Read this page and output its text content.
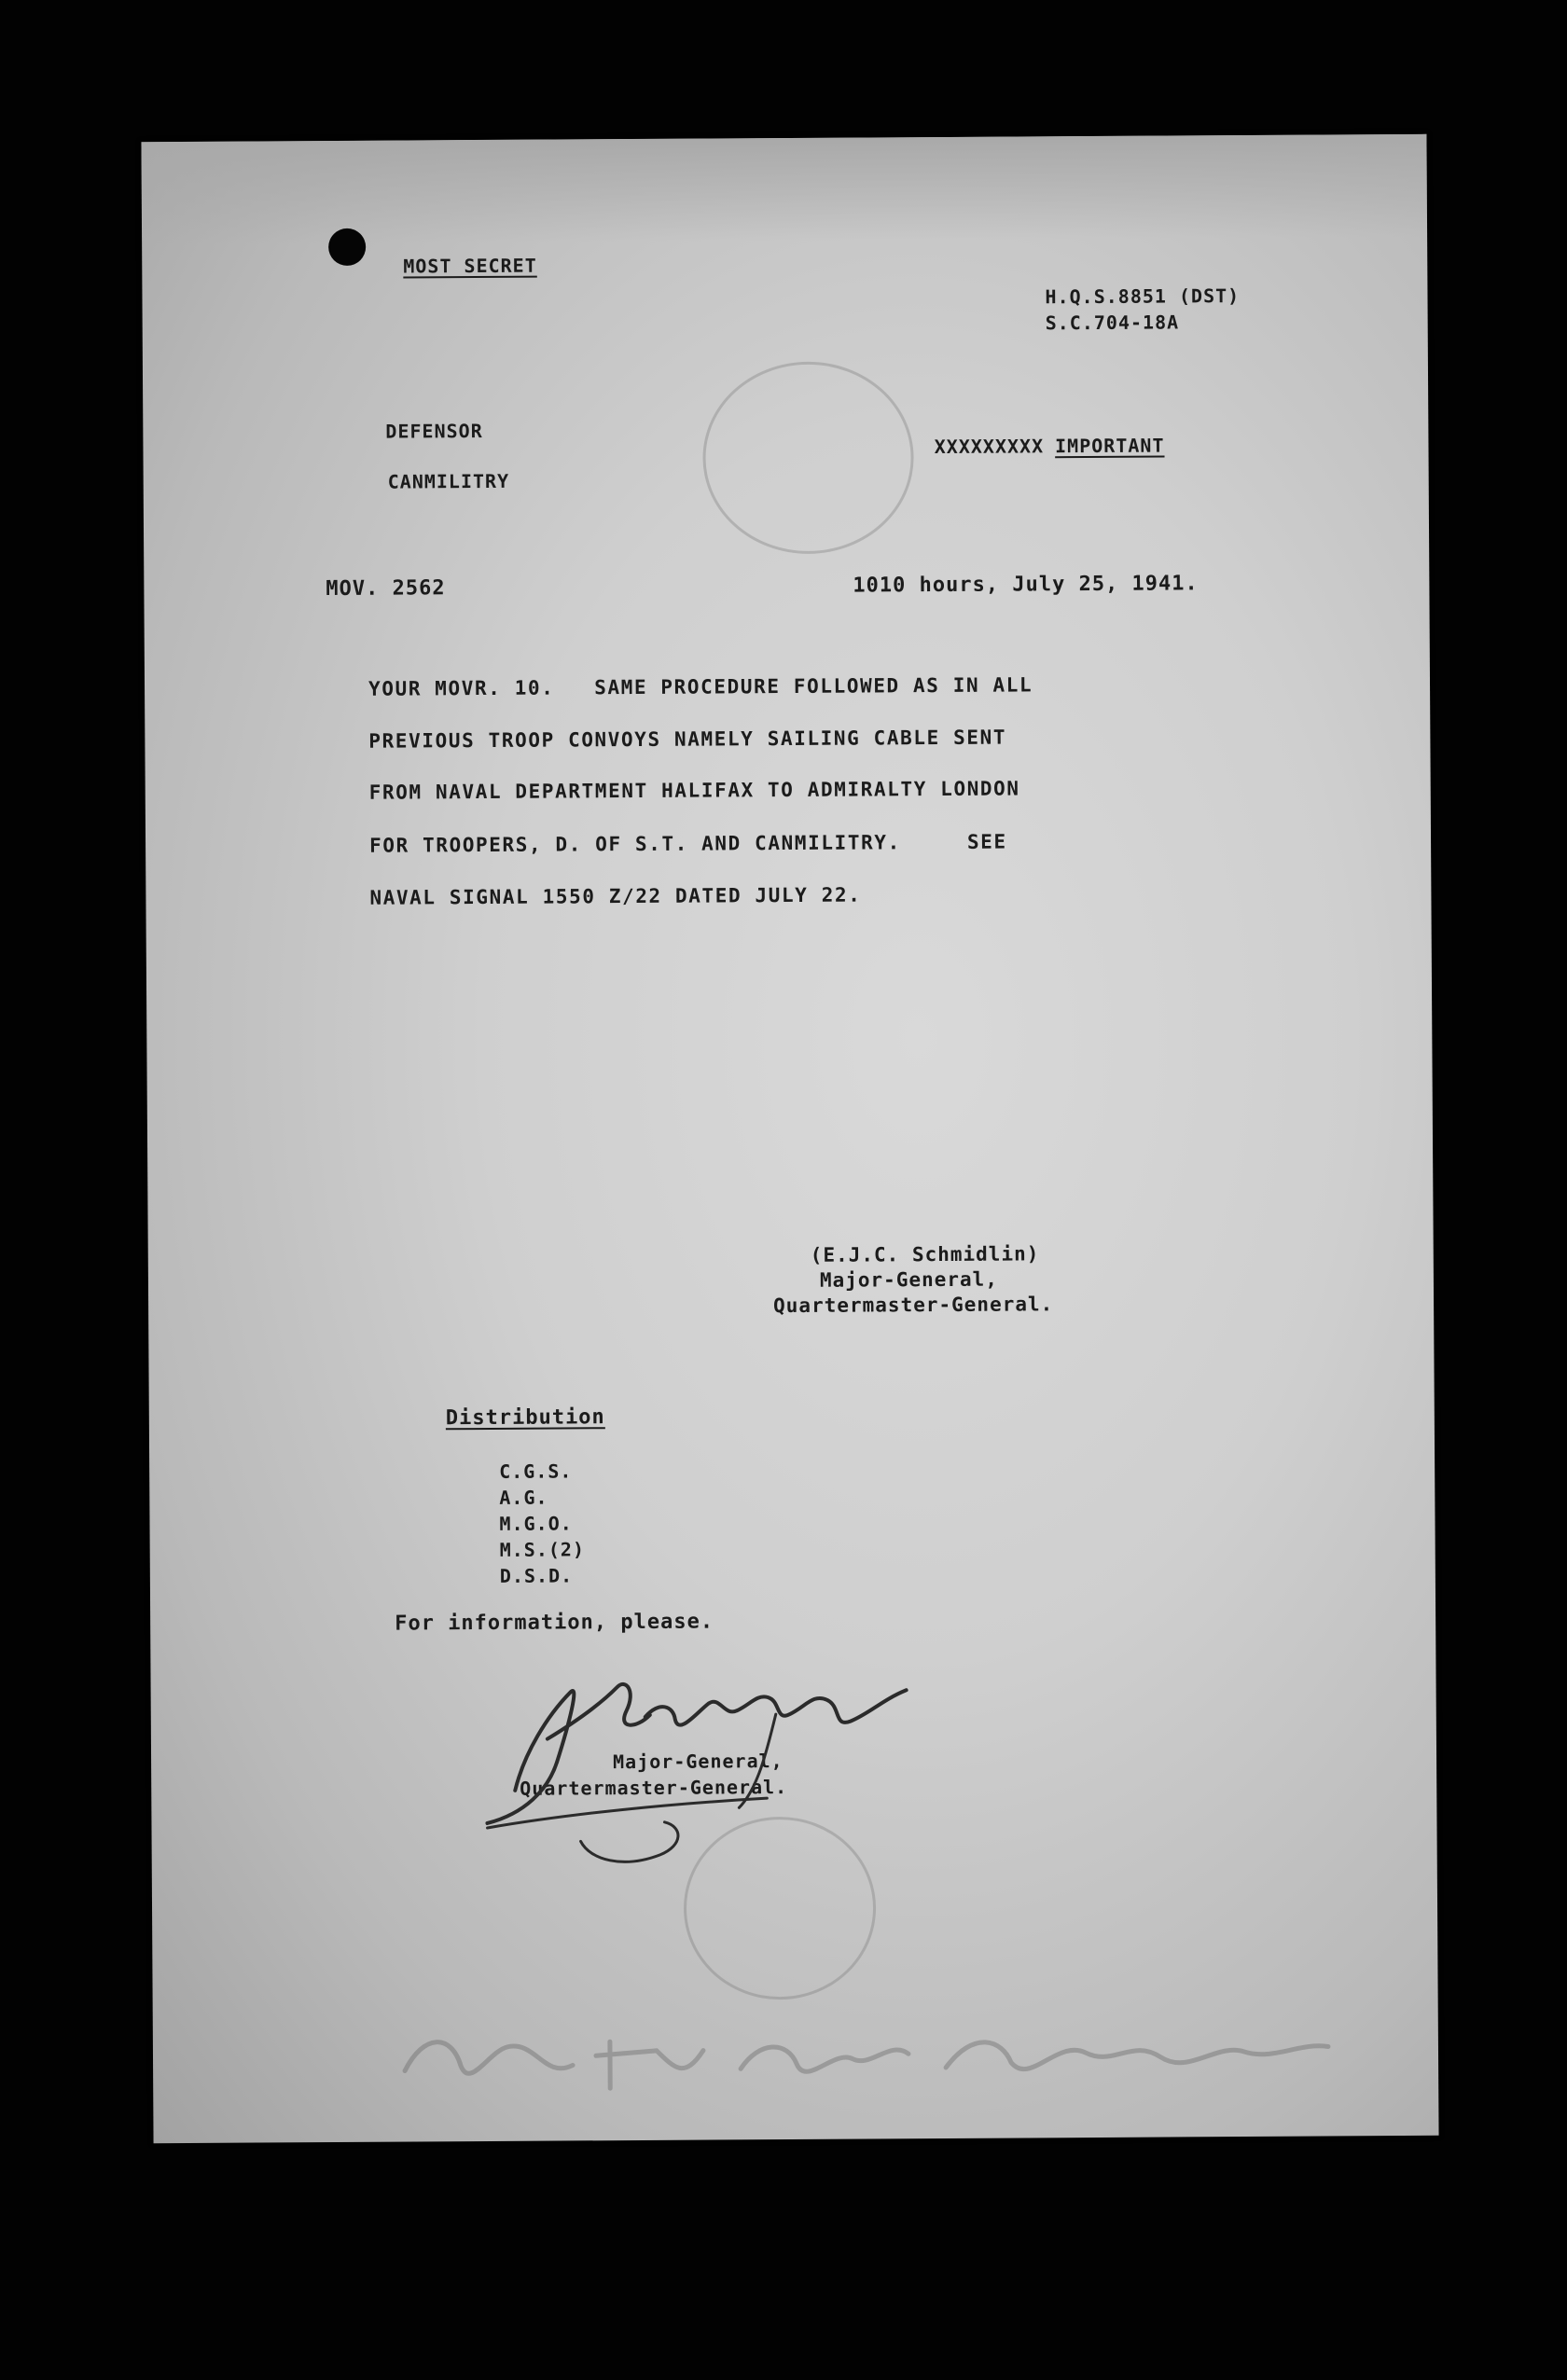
MOST SECRET
H.Q.S.8851 (DST)
S.C.704-18A
DEFENSOR
CANMILITRY

XXXXXXXXX IMPORTANT

MOV. 2562	1010 hours, July 25, 1941.
YOUR MOVR. 10.   SAME PROCEDURE FOLLOWED AS IN ALL
PREVIOUS TROOP CONVOYS NAMELY SAILING CABLE SENT
FROM NAVAL DEPARTMENT HALIFAX TO ADMIRALTY LONDON
FOR TROOPERS, D. OF S.T. AND CANMILITRY.     SEE
NAVAL SIGNAL 1550 Z/22 DATED JULY 22.
(E.J.C. Schmidlin)
Major-General,
Quartermaster-General.
Distribution
C.G.S.
A.G.
M.G.O.
M.S.(2)
D.S.D.
For information, please.
Major-General,
Quartermaster-General.
